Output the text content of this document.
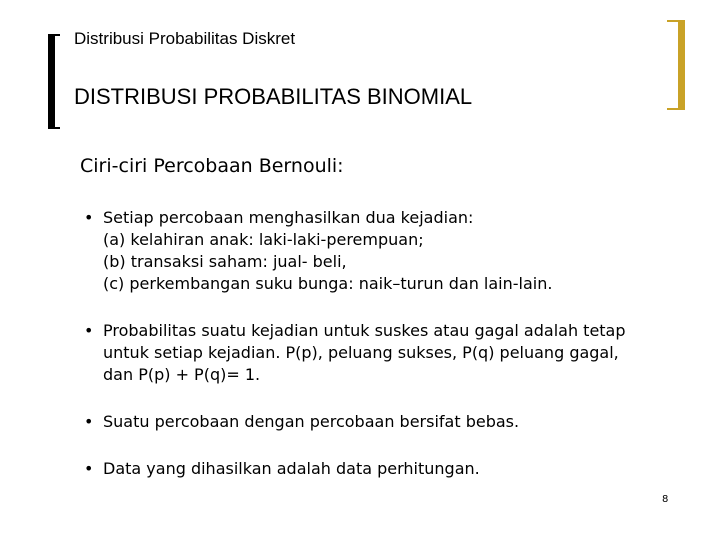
Distribusi Probabilitas Diskret
DISTRIBUSI PROBABILITAS BINOMIAL
Ciri-ciri Percobaan Bernouli:
• Setiap percobaan menghasilkan dua kejadian:
(a) kelahiran anak: laki-laki-perempuan;
(b) transaksi saham: jual- beli,
(c) perkembangan suku bunga: naik–turun dan lain-lain.
• Probabilitas suatu kejadian untuk suskes atau gagal adalah tetap
untuk setiap kejadian. P(p), peluang sukses, P(q) peluang gagal,
dan P(p) + P(q)= 1.
• Suatu percobaan dengan percobaan bersifat bebas.
• Data yang dihasilkan adalah data perhitungan.
8
